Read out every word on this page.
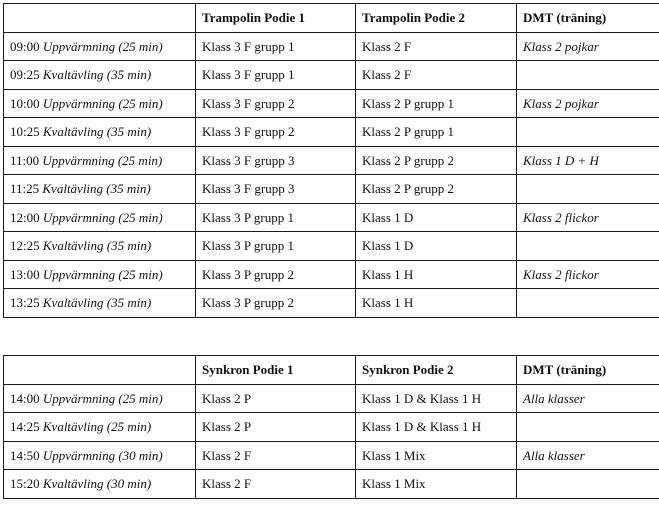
	Trampolin Podie 1	Trampolin Podie 2	DMT (träning)
09:00 Uppvärmning (25 min)	Klass 3 F grupp 1	Klass 2 F	Klass 2 pojkar
09:25 Kvaltävling (35 min)	Klass 3 F grupp 1	Klass 2 F	
10:00 Uppvärmning (25 min)	Klass 3 F grupp 2	Klass 2 P grupp 1	Klass 2 pojkar
10:25 Kvaltävling (35 min)	Klass 3 F grupp 2	Klass 2 P grupp 1	
11:00 Uppvärmning (25 min)	Klass 3 F grupp 3	Klass 2 P grupp 2	Klass 1 D + H
11:25 Kvaltävling (35 min)	Klass 3 F grupp 3	Klass 2 P grupp 2	
12:00 Uppvärmning (25 min)	Klass 3 P grupp 1	Klass 1 D	Klass 2 flickor
12:25 Kvaltävling (35 min)	Klass 3 P grupp 1	Klass 1 D	
13:00 Uppvärmning (25 min)	Klass 3 P grupp 2	Klass 1 H	Klass 2 flickor
13:25 Kvaltävling (35 min)	Klass 3 P grupp 2	Klass 1 H	
	Synkron Podie 1	Synkron Podie 2	DMT (träning)
14:00 Uppvärmning (25 min)	Klass 2 P	Klass 1 D & Klass 1 H	Alla klasser
14:25 Kvaltävling (25 min)	Klass 2 P	Klass 1 D & Klass 1 H	
14:50 Uppvärmning (30 min)	Klass 2 F	Klass 1 Mix	Alla klasser
15:20 Kvaltävling (30 min)	Klass 2 F	Klass 1 Mix	
